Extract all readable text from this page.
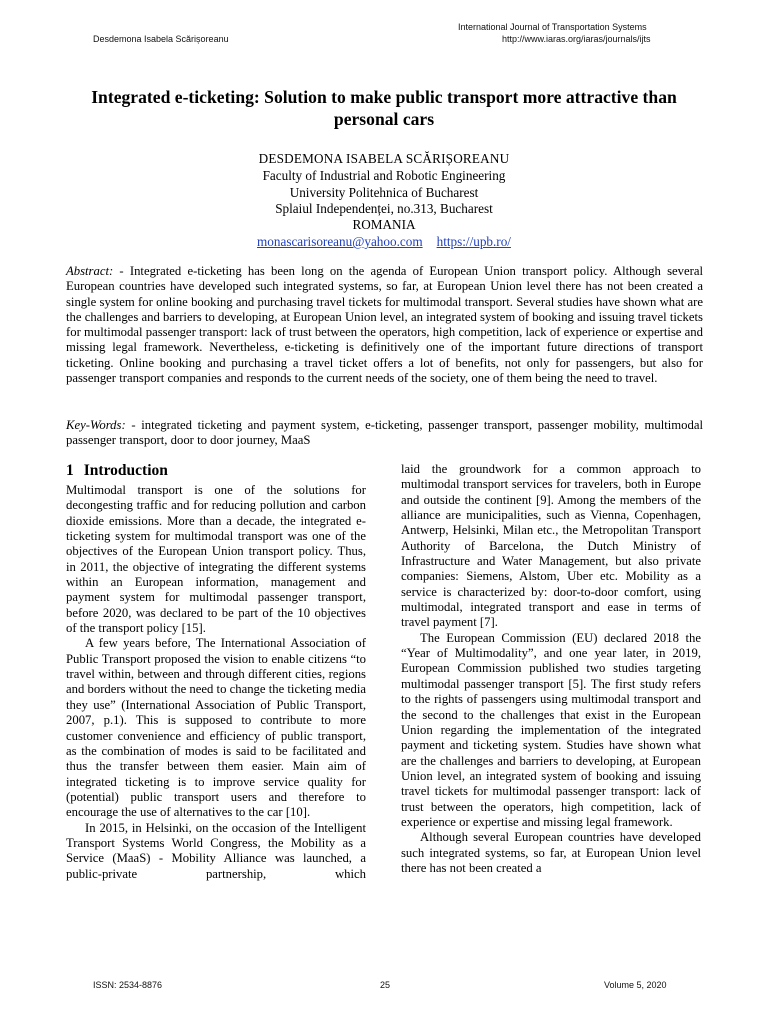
Desdemona Isabela Scărișoreanu
International Journal of Transportation Systems
http://www.iaras.org/iaras/journals/ijts
Integrated e-ticketing: Solution to make public transport more attractive than personal cars
DESDEMONA ISABELA SCĂRIȘOREANU
Faculty of Industrial and Robotic Engineering
University Politehnica of Bucharest
Splaiul Independenței, no.313, Bucharest
ROMANIA
monascarisoreanu@yahoo.com https://upb.ro/

Abstract: - Integrated e-ticketing has been long on the agenda of European Union transport policy. Although several European countries have developed such integrated systems, so far, at European Union level there has not been created a single system for online booking and purchasing travel tickets for multimodal transport. Several studies have shown what are the challenges and barriers to developing, at European Union level, an integrated system of booking and issuing travel tickets for multimodal passenger transport: lack of trust between the operators, high competition, lack of experience or expertise and missing legal framework. Nevertheless, e-ticketing is definitively one of the important future directions of transport ticketing. Online booking and purchasing a travel ticket offers a lot of benefits, not only for passengers, but also for passenger transport companies and responds to the current needs of the society, one of them being the need to travel.

Key-Words: - integrated ticketing and payment system, e-ticketing, passenger transport, passenger mobility, multimodal passenger transport, door to door journey, MaaS

1 Introduction

Multimodal transport is one of the solutions for decongesting traffic and for reducing pollution and carbon dioxide emissions. More than a decade, the integrated e-ticketing system for multimodal transport was one of the objectives of the European Union transport policy. Thus, in 2011, the objective of integrating the different systems within an European information, management and payment system for multimodal passenger transport, before 2020, was declared to be part of the 10 objectives of the transport policy [15].

A few years before, The International Association of Public Transport proposed the vision to enable citizens “to travel within, between and through different cities, regions and borders without the need to change the ticketing media they use” (International Association of Public Transport, 2007, p.1). This is supposed to contribute to more customer convenience and efficiency of public transport, as the combination of modes is said to be facilitated and thus the transfer between them easier. Main aim of integrated ticketing is to improve service quality for (potential) public transport users and therefore to encourage the use of alternatives to the car [10].

In 2015, in Helsinki, on the occasion of the Intelligent Transport Systems World Congress, the Mobility as a Service (MaaS) - Mobility Alliance was launched, a public-private partnership, which

laid the groundwork for a common approach to multimodal transport services for travelers, both in Europe and outside the continent [9]. Among the members of the alliance are municipalities, such as Vienna, Copenhagen, Antwerp, Helsinki, Milan etc., the Metropolitan Transport Authority of Barcelona, the Dutch Ministry of Infrastructure and Water Management, but also private companies: Siemens, Alstom, Uber etc. Mobility as a service is characterized by: door-to-door comfort, using multimodal, integrated transport and ease in terms of travel payment [7].

The European Commission (EU) declared 2018 the “Year of Multimodality”, and one year later, in 2019, European Commission published two studies targeting multimodal passenger transport [5]. The first study refers to the rights of passengers using multimodal transport and the second to the challenges that exist in the European Union regarding the implementation of the integrated payment and ticketing system. Studies have shown what are the challenges and barriers to developing, at European Union level, an integrated system of booking and issuing travel tickets for multimodal passenger transport: lack of trust between the operators, high competition, lack of experience or expertise and missing legal framework.

Although several European countries have developed such integrated systems, so far, at European Union level there has not been created a

ISSN: 2534-8876	25	Volume 5, 2020
